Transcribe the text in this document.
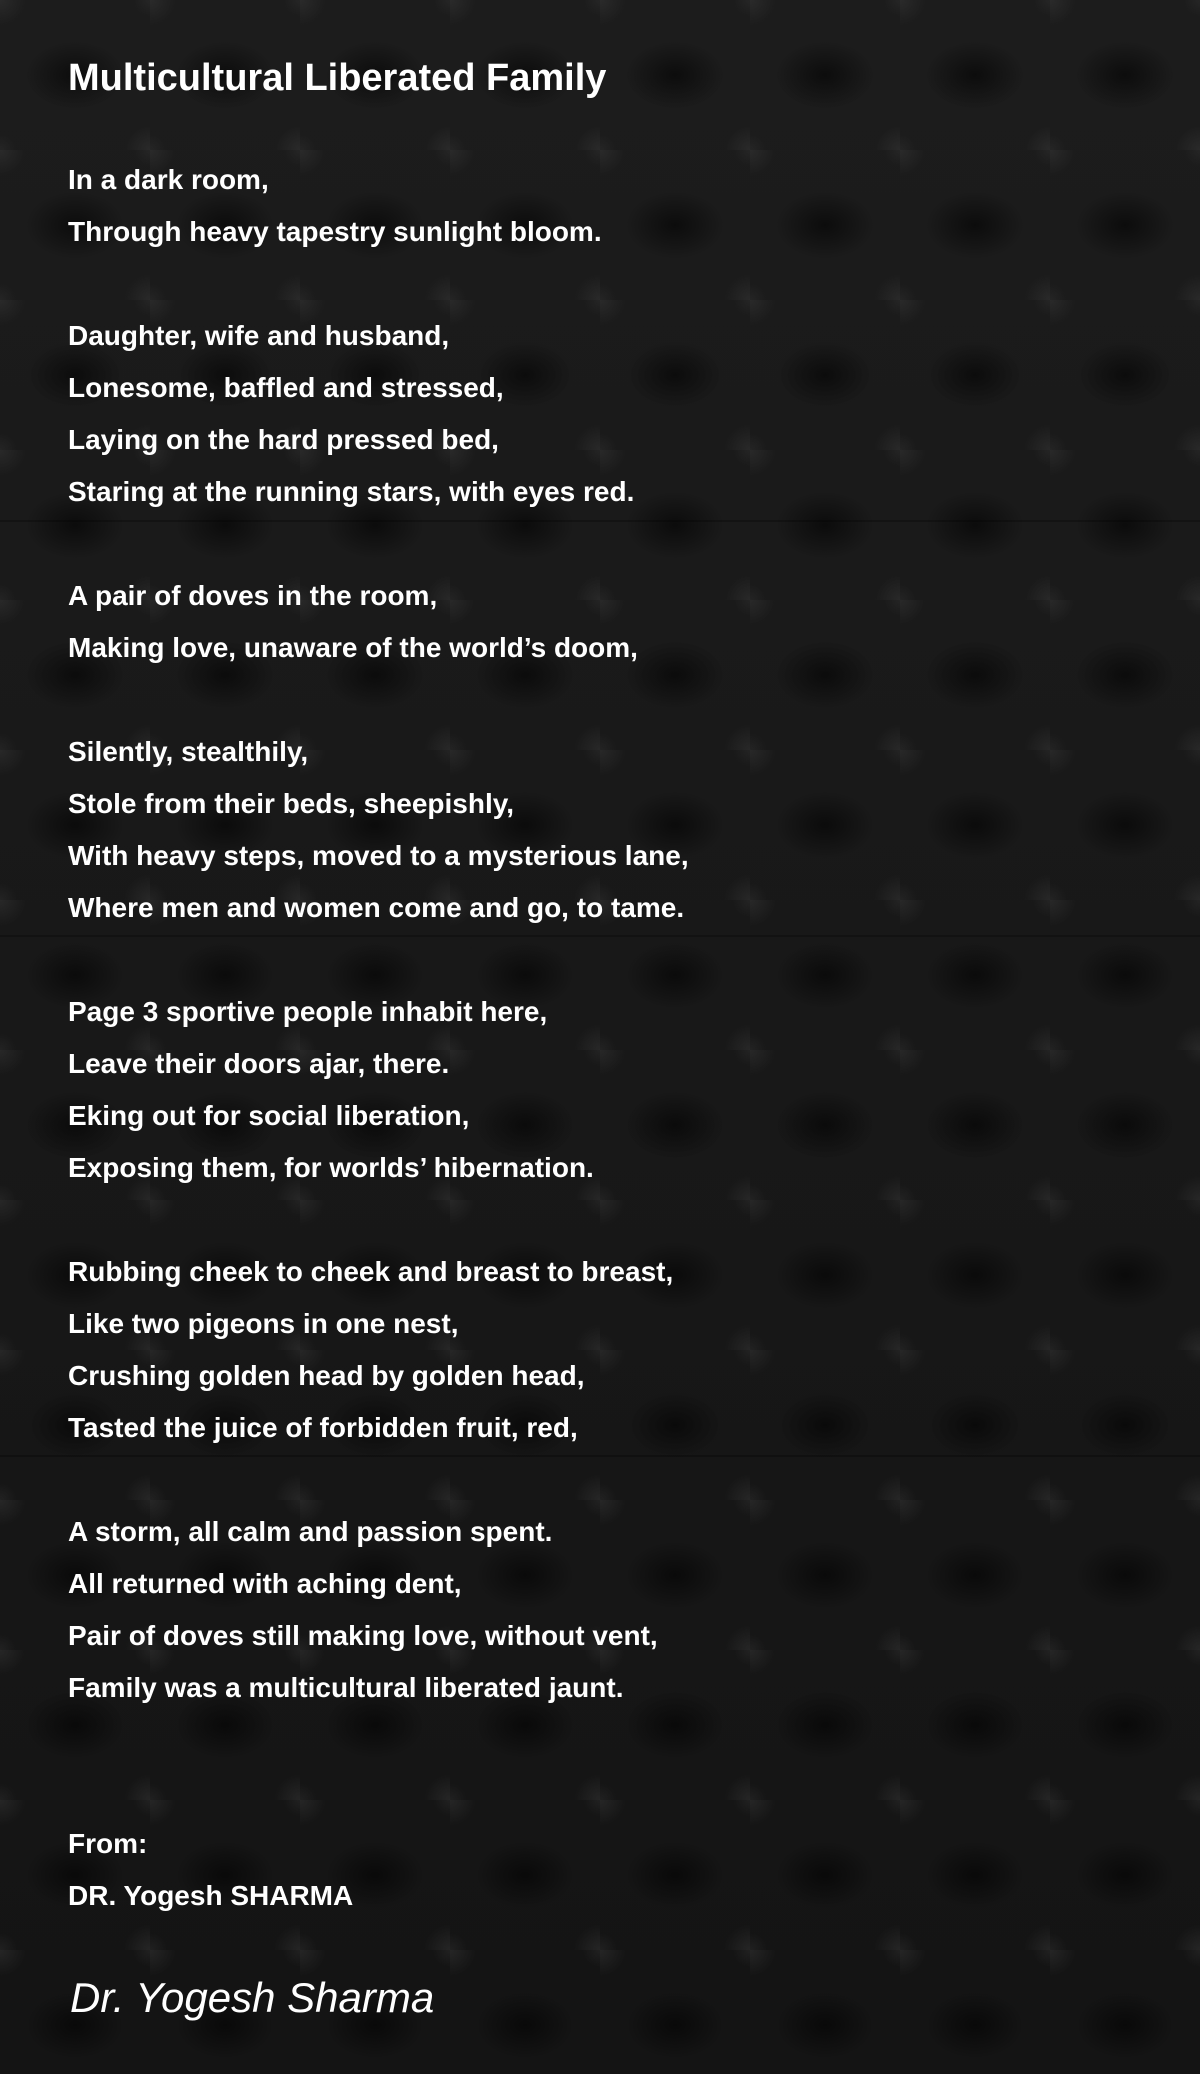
Multicultural Liberated Family
In a dark room,
Through heavy tapestry sunlight bloom.
Daughter, wife and husband,
Lonesome, baffled and stressed,
Laying on the hard pressed bed,
Staring at the running stars, with eyes red.
A pair of doves in the room,
Making love, unaware of the world’s doom,
Silently, stealthily,
Stole from their beds, sheepishly,
With heavy steps, moved to a mysterious lane,
Where men and women come and go, to tame.
Page 3 sportive people inhabit here,
Leave their doors ajar, there.
Eking out for social liberation,
Exposing them, for worlds’ hibernation.
Rubbing cheek to cheek and breast to breast,
Like two pigeons in one nest,
Crushing golden head by golden head,
Tasted the juice of forbidden fruit, red,
A storm, all calm and passion spent.
All returned with aching dent,
Pair of doves still making love, without vent,
Family was a multicultural liberated jaunt.
From:
DR. Yogesh SHARMA
Dr. Yogesh Sharma
